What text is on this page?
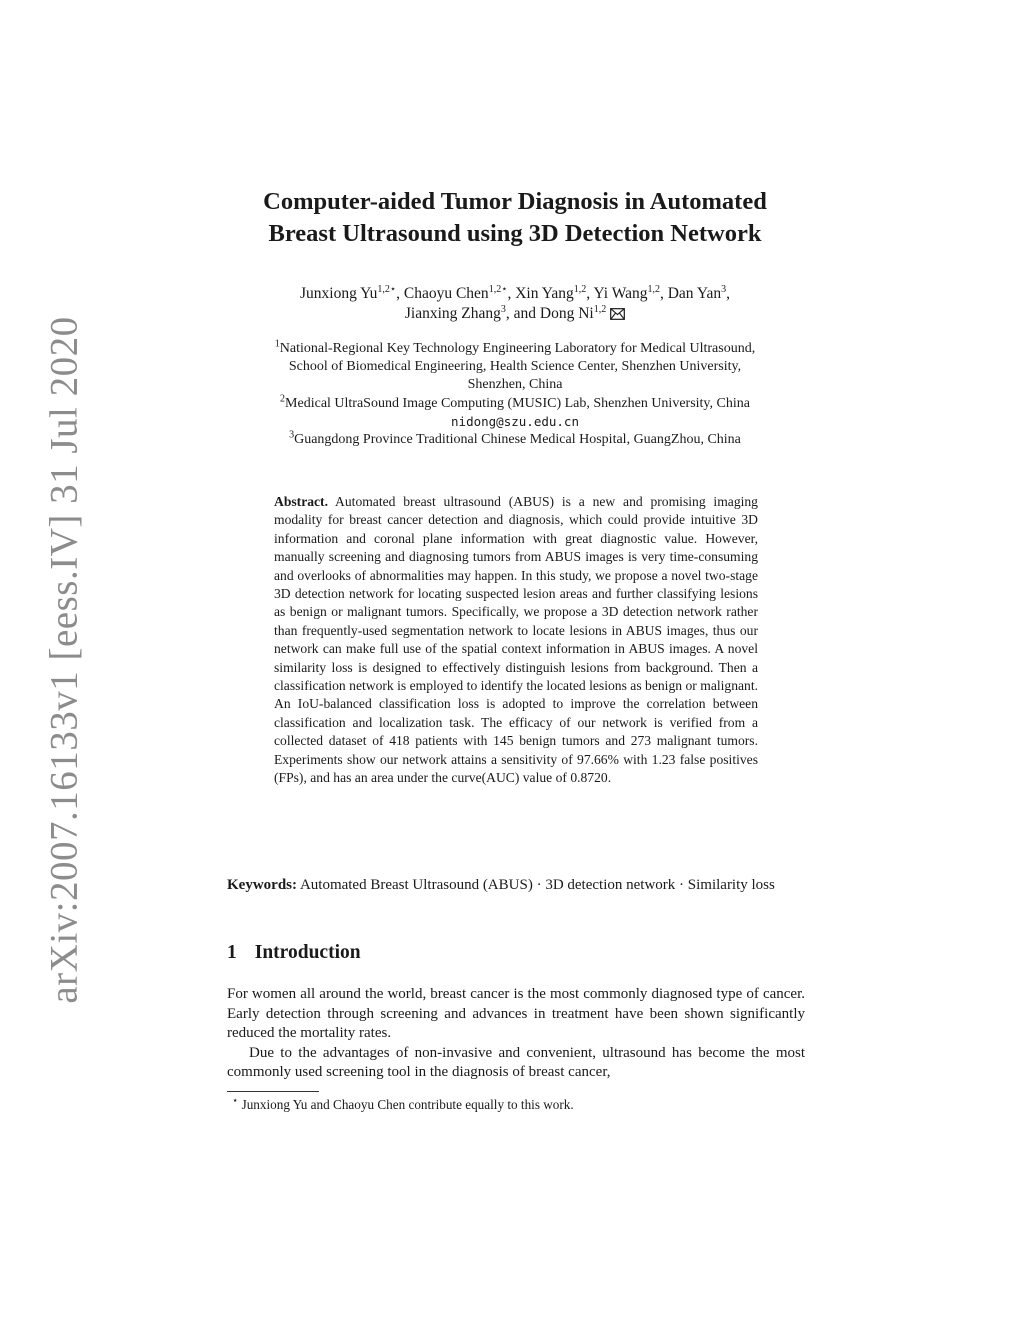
arXiv:2007.16133v1 [eess.IV] 31 Jul 2020
Computer-aided Tumor Diagnosis in Automated
Breast Ultrasound using 3D Detection Network
Junxiong $Yu^{1,2⋆}$, Chaoyu Chen$^{1,2⋆}$, Xin Yang$^{1,2}$, Yi Wang$^{1,2}$, Dan Yan$^3$,
Jianxing Zhang$^3$, and Dong Ni$^{1,2}$
$^1$National-Regional Key Technology Engineering Laboratory for Medical Ultrasound,
School of Biomedical Engineering, Health Science Center, Shenzhen University,
Shenzhen, China
$^2$Medical UltraSound Image Computing (MUSIC) Lab, Shenzhen University, China
nidong@szu.edu.cn
$^3$Guangdong Province Traditional Chinese Medical Hospital, GuangZhou, China
Abstract. Automated breast ultrasound (ABUS) is a new and promising imaging modality for breast cancer detection and diagnosis, which could provide intuitive 3D information and coronal plane information with great diagnostic value. However, manually screening and diagnosing tumors from ABUS images is very time-consuming and overlooks of abnormalities may happen. In this study, we propose a novel two-stage 3D detection network for locating suspected lesion areas and further classifying lesions as benign or malignant tumors. Specifically, we propose a 3D detection network rather than frequently-used segmentation network to locate lesions in ABUS images, thus our network can make full use of the spatial context information in ABUS images. A novel similarity loss is designed to effectively distinguish lesions from background. Then a classification network is employed to identify the located lesions as benign or malignant. An IoU-balanced classification loss is adopted to improve the correlation between classification and localization task. The efficacy of our network is verified from a collected dataset of 418 patients with 145 benign tumors and 273 malignant tumors. Experiments show our network attains a sensitivity of 97.66% with 1.23 false positives (FPs), and has an area under the curve(AUC) value of 0.8720.
Keywords: Automated Breast Ultrasound (ABUS) · 3D detection network · Similarity loss
1 Introduction

For women all around the world, breast cancer is the most commonly diagnosed type of cancer. Early detection through screening and advances in treatment have been shown significantly reduced the mortality rates.

Due to the advantages of non-invasive and convenient, ultrasound has become the most commonly used screening tool in the diagnosis of breast cancer,

⋆ Junxiong Yu and Chaoyu Chen contribute equally to this work.
